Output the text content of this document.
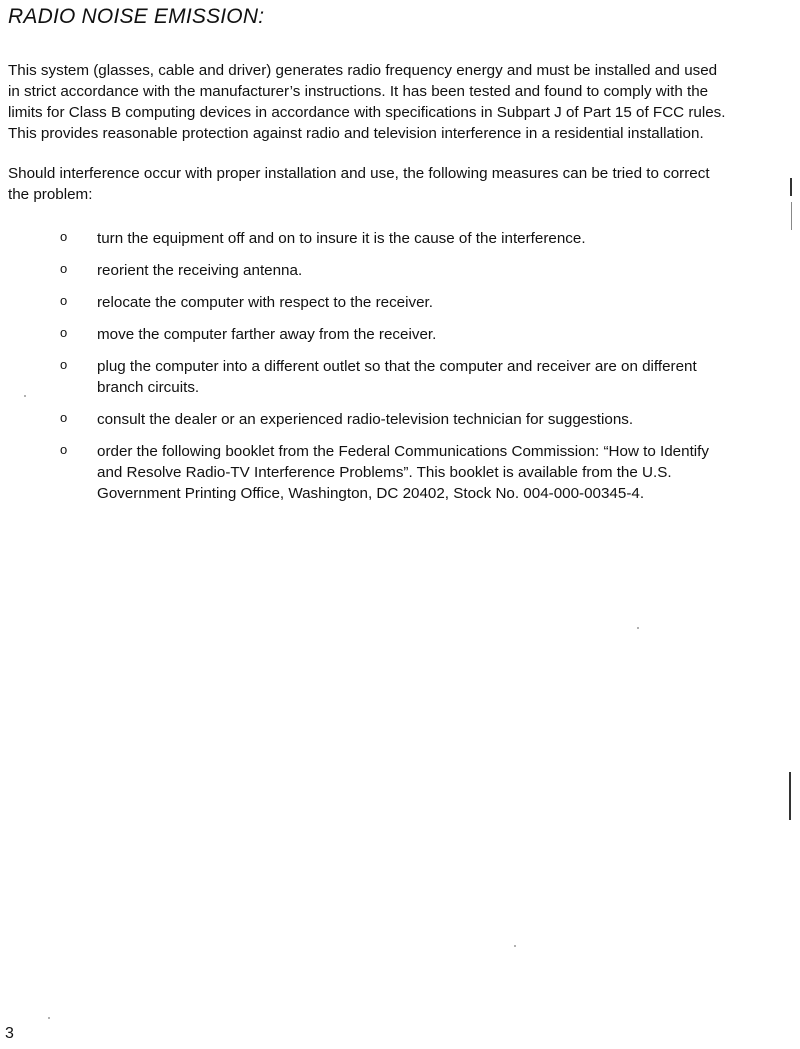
RADIO NOISE EMISSION:

This system (glasses, cable and driver) generates radio frequency energy and must be installed and used in strict accordance with the manufacturer’s instructions. It has been tested and found to comply with the limits for Class B computing devices in accordance with specifications in Subpart J of Part 15 of FCC rules. This provides reasonable protection against radio and television interference in a residential installation.

Should interference occur with proper installation and use, the following measures can be tried to correct the problem:

o turn the equipment off and on to insure it is the cause of the interference.
o reorient the receiving antenna.
o relocate the computer with respect to the receiver.
o move the computer farther away from the receiver.
o plug the computer into a different outlet so that the computer and receiver are on different branch circuits.
o consult the dealer or an experienced radio-television technician for suggestions.
o order the following booklet from the Federal Communications Commission: “How to Identify and Resolve Radio-TV Interference Problems”. This booklet is available from the U.S. Government Printing Office, Washington, DC 20402, Stock No. 004-000-00345-4.
3
